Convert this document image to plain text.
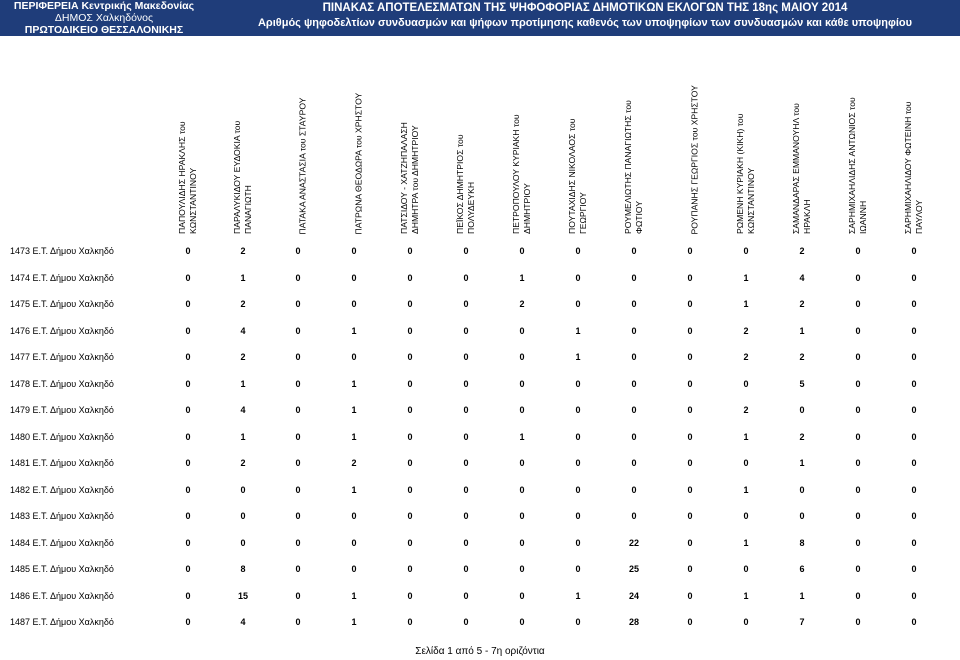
ΠΕΡΙΦΕΡΕΙΑ Κεντρικής Μακεδονίας
ΔΗΜΟΣ Χαλκηδόνος
ΠΡΩΤΟΔΙΚΕΙΟ ΘΕΣΣΑΛΟΝΙΚΗΣ
ΠΙΝΑΚΑΣ ΑΠΟΤΕΛΕΣΜΑΤΩΝ ΤΗΣ ΨΗΦΟΦΟΡΙΑΣ ΔΗΜΟΤΙΚΩΝ ΕΚΛΟΓΩΝ ΤΗΣ 18ης ΜΑΙΟΥ 2014
Αριθμός ψηφοδελτίων συνδυασμών και ψήφων προτίμησης καθενός των υποψηφίων των συνδυασμών και κάθε υποψηφίου
ΠΑΠΟΥΛΙΔΗΣ ΗΡΑΚΛΗΣ του ΚΩΝΣΤΑΝΤΙΝΟΥ	ΠΑΡΑΛΥΚΙΔΟΥ ΕΥΔΟΚΙΑ του ΠΑΝΑΓΙΩΤΗ	ΠΑΤΑΚΑ ΑΝΑΣΤΑΣΙΑ του ΣΤΑΥΡΟΥ	ΠΑΤΡΩΝΑ ΘΕΟΔΩΡΑ του ΧΡΗΣΤΟΥ	ΠΑΤΣΙΔΟΥ - ΧΑΤΖΗΠΑΛΑΣΗ ΔΗΜΗΤΡΑ του ΔΗΜΗΤΡΙΟΥ	ΠΕΪΚΟΣ ΔΗΜΗΤΡΙΟΣ του ΠΟΛΥΔΕΥΚΗ	ΠΕΤΡΟΠΟΥΛΟΥ ΚΥΡΙΑΚΗ του ΔΗΜΗΤΡΙΟΥ	ΠΟΥΤΑΧΙΔΗΣ ΝΙΚΟΛΑΟΣ του ΓΕΩΡΓΙΟΥ	ΡΟΥΜΕΛΙΩΤΗΣ ΠΑΝΑΓΙΩΤΗΣ του ΦΩΤΙΟΥ	ΡΟΥΠΑΝΗΣ ΓΕΩΡΓΙΟΣ του ΧΡΗΣΤΟΥ	ΡΩΜΕΝΗ ΚΥΡΙΑΚΗ (ΚΙΚΗ) του ΚΩΝΣΤΑΝΤΙΝΟΥ	ΣΑΜΑΝΔΑΡΑΣ ΕΜΜΑΝΟΥΗΛ του ΗΡΑΚΛΗ	ΣΑΡΗΜΙΧΑΗΛΙΔΗΣ ΑΝΤΩΝΙΟΣ του ΙΩΑΝΝΗ	ΣΑΡΗΜΙΧΑΗΛΙΔΟΥ ΦΩΤΕΙΝΗ του ΠΑΥΛΟΥ
1473 Ε.Τ. Δήμου Χαλκηδό	0	2	0	0	0	0	0	0	0	0	0	2	0	0
1474 Ε.Τ. Δήμου Χαλκηδό	0	1	0	0	0	0	1	0	0	0	1	4	0	0
1475 Ε.Τ. Δήμου Χαλκηδό	0	2	0	0	0	0	2	0	0	0	1	2	0	0
1476 Ε.Τ. Δήμου Χαλκηδό	0	4	0	1	0	0	0	1	0	0	2	1	0	0
1477 Ε.Τ. Δήμου Χαλκηδό	0	2	0	0	0	0	0	1	0	0	2	2	0	0
1478 Ε.Τ. Δήμου Χαλκηδό	0	1	0	1	0	0	0	0	0	0	0	5	0	0
1479 Ε.Τ. Δήμου Χαλκηδό	0	4	0	1	0	0	0	0	0	0	2	0	0	0
1480 Ε.Τ. Δήμου Χαλκηδό	0	1	0	1	0	0	1	0	0	0	1	2	0	0
1481 Ε.Τ. Δήμου Χαλκηδό	0	2	0	2	0	0	0	0	0	0	0	1	0	0
1482 Ε.Τ. Δήμου Χαλκηδό	0	0	0	1	0	0	0	0	0	0	1	0	0	0
1483 Ε.Τ. Δήμου Χαλκηδό	0	0	0	0	0	0	0	0	0	0	0	0	0	0
1484 Ε.Τ. Δήμου Χαλκηδό	0	0	0	0	0	0	0	0	22	0	1	8	0	0
1485 Ε.Τ. Δήμου Χαλκηδό	0	8	0	0	0	0	0	0	25	0	0	6	0	0
1486 Ε.Τ. Δήμου Χαλκηδό	0	15	0	1	0	0	0	1	24	0	1	1	0	0
1487 Ε.Τ. Δήμου Χαλκηδό	0	4	0	1	0	0	0	0	28	0	0	7	0	0
Σελίδα 1 από 5 - 7η οριζόντια
